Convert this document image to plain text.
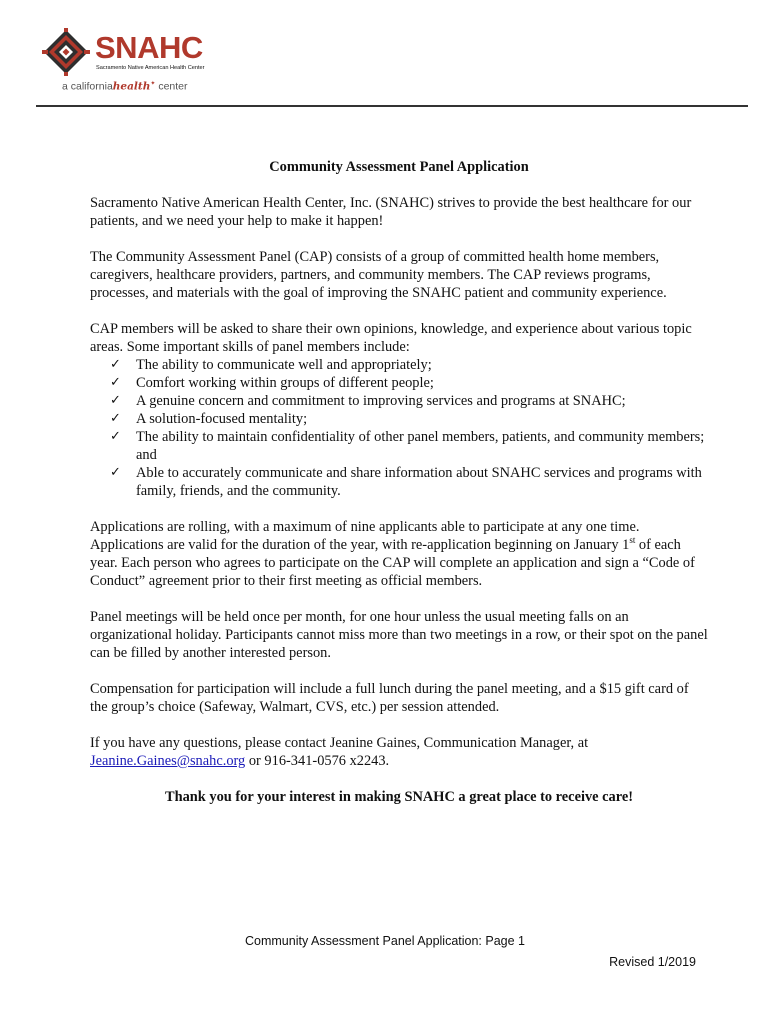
SNAHC
Sacramento Native American Health Center
a californiahealth✦ center
Community Assessment Panel Application

Sacramento Native American Health Center, Inc. (SNAHC) strives to provide the best healthcare for our patients, and we need your help to make it happen!

The Community Assessment Panel (CAP) consists of a group of committed health home members, caregivers, healthcare providers, partners, and community members. The CAP reviews programs, processes, and materials with the goal of improving the SNAHC patient and community experience.

CAP members will be asked to share their own opinions, knowledge, and experience about various topic areas. Some important skills of panel members include:
✓ The ability to communicate well and appropriately;
✓ Comfort working within groups of different people;
✓ A genuine concern and commitment to improving services and programs at SNAHC;
✓ A solution-focused mentality;
✓ The ability to maintain confidentiality of other panel members, patients, and community members; and
✓ Able to accurately communicate and share information about SNAHC services and programs with family, friends, and the community.

Applications are rolling, with a maximum of nine applicants able to participate at any one time. Applications are valid for the duration of the year, with re-application beginning on January 1st of each year. Each person who agrees to participate on the CAP will complete an application and sign a “Code of Conduct” agreement prior to their first meeting as official members.

Panel meetings will be held once per month, for one hour unless the usual meeting falls on an organizational holiday. Participants cannot miss more than two meetings in a row, or their spot on the panel can be filled by another interested person.

Compensation for participation will include a full lunch during the panel meeting, and a $15 gift card of the group’s choice (Safeway, Walmart, CVS, etc.) per session attended.

If you have any questions, please contact Jeanine Gaines, Communication Manager, at Jeanine.Gaines@snahc.org or 916-341-0576 x2243.

Thank you for your interest in making SNAHC a great place to receive care!

Community Assessment Panel Application: Page 1
Revised 1/2019
